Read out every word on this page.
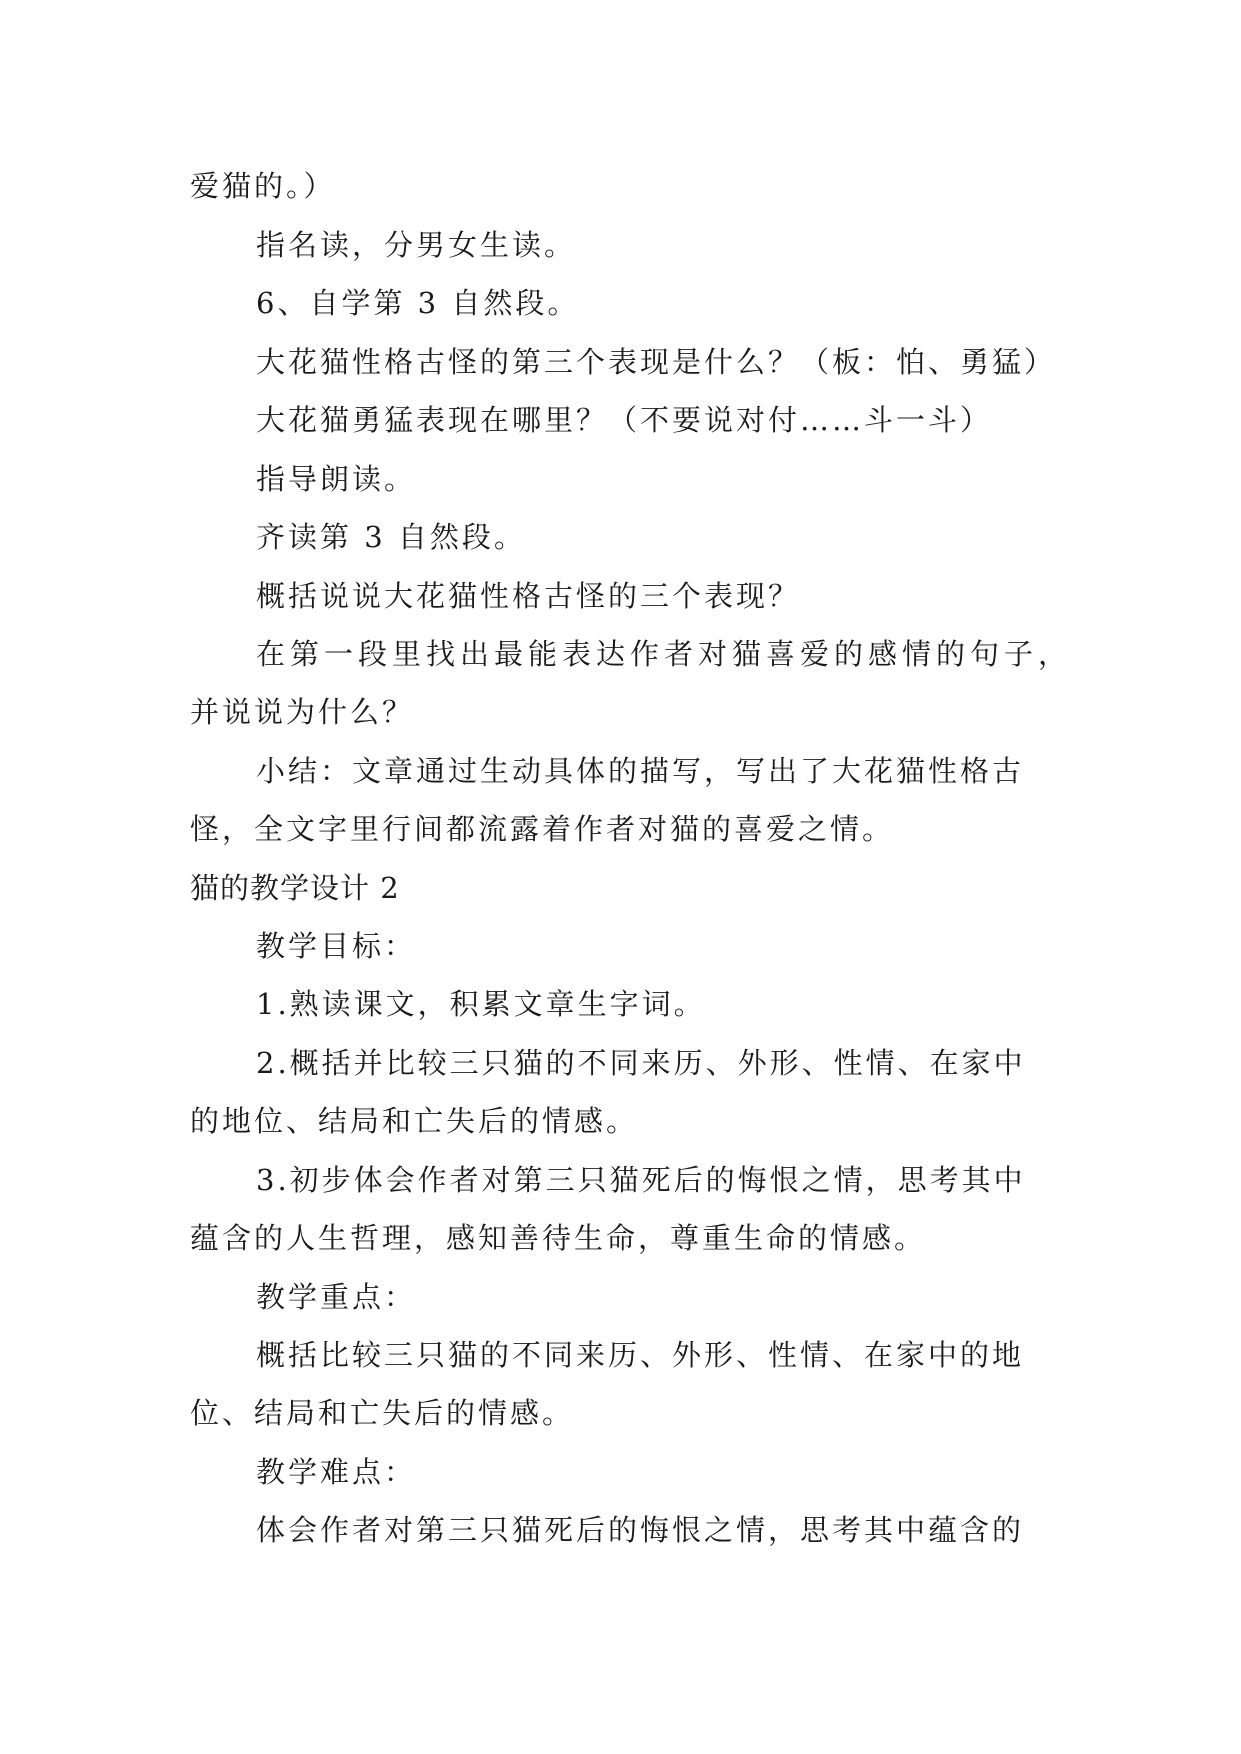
爱猫的。）
指名读，分男女生读。
6、自学第 3 自然段。
大花猫性格古怪的第三个表现是什么？（板：怕、勇猛）
大花猫勇猛表现在哪里？（不要说对付……斗一斗）
指导朗读。
齐读第 3 自然段。
概括说说大花猫性格古怪的三个表现？
在第一段里找出最能表达作者对猫喜爱的感情的句子，
并说说为什么？
小结：文章通过生动具体的描写，写出了大花猫性格古
怪，全文字里行间都流露着作者对猫的喜爱之情。
猫的教学设计 2
教学目标：
1.熟读课文，积累文章生字词。
2.概括并比较三只猫的不同来历、外形、性情、在家中
的地位、结局和亡失后的情感。
3.初步体会作者对第三只猫死后的悔恨之情，思考其中
蕴含的人生哲理，感知善待生命，尊重生命的情感。
教学重点：
概括比较三只猫的不同来历、外形、性情、在家中的地
位、结局和亡失后的情感。
教学难点：
体会作者对第三只猫死后的悔恨之情，思考其中蕴含的
